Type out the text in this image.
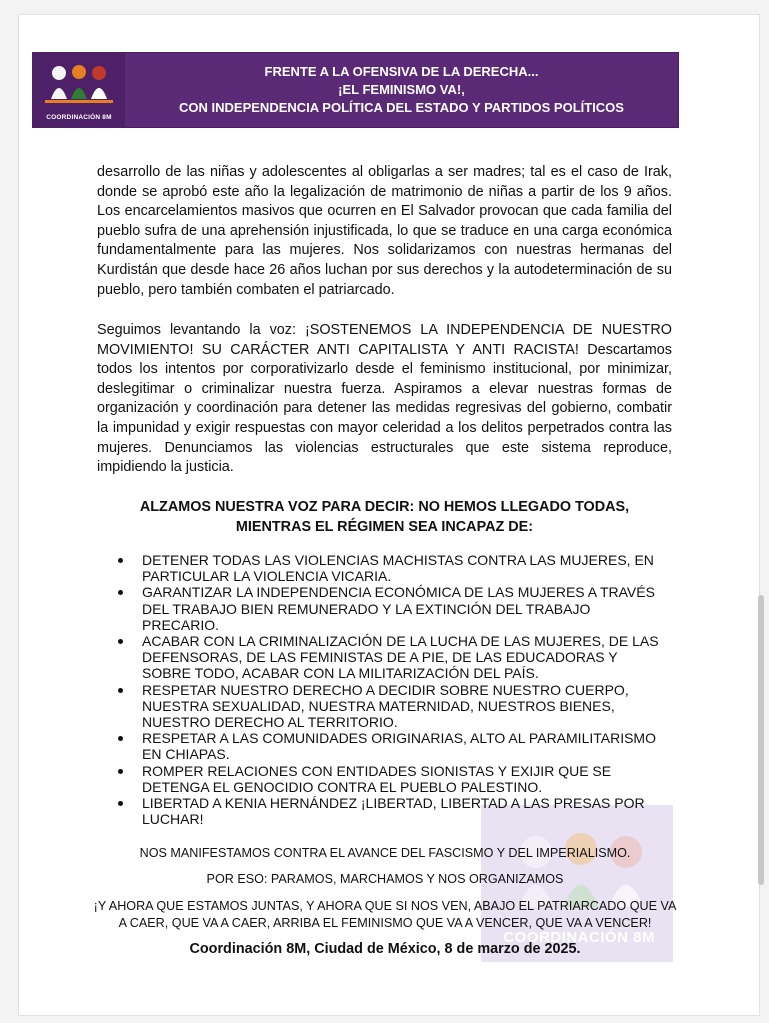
COORDINACIÓN 8M
FRENTE A LA OFENSIVA DE LA DERECHA...
¡EL FEMINISMO VA!,
CON INDEPENDENCIA POLÍTICA DEL ESTADO Y PARTIDOS POLÍTICOS
desarrollo de las niñas y adolescentes al obligarlas a ser madres; tal es el caso de Irak, donde se aprobó este año la legalización de matrimonio de niñas a partir de los 9 años. Los encarcelamientos masivos que ocurren en El Salvador provocan que cada familia del pueblo sufra de una aprehensión injustificada, lo que se traduce en una carga económica fundamentalmente para las mujeres. Nos solidarizamos con nuestras hermanas del Kurdistán que desde hace 26 años luchan por sus derechos y la autodeterminación de su pueblo, pero también combaten el patriarcado.
Seguimos levantando la voz: ¡SOSTENEMOS LA INDEPENDENCIA DE NUESTRO MOVIMIENTO! SU CARÁCTER ANTI CAPITALISTA Y ANTI RACISTA! Descartamos todos los intentos por corporativizarlo desde el feminismo institucional, por minimizar, deslegitimar o criminalizar nuestra fuerza. Aspiramos a elevar nuestras formas de organización y coordinación para detener las medidas regresivas del gobierno, combatir la impunidad y exigir respuestas con mayor celeridad a los delitos perpetrados contra las mujeres. Denunciamos las violencias estructurales que este sistema reproduce, impidiendo la justicia.
ALZAMOS NUESTRA VOZ PARA DECIR: NO HEMOS LLEGADO TODAS,
MIENTRAS EL RÉGIMEN SEA INCAPAZ DE:
COORDINACIÓN 8M
DETENER TODAS LAS VIOLENCIAS MACHISTAS CONTRA LAS MUJERES, EN PARTICULAR LA VIOLENCIA VICARIA.
GARANTIZAR LA INDEPENDENCIA ECONÓMICA DE LAS MUJERES A TRAVÉS DEL TRABAJO BIEN REMUNERADO Y LA EXTINCIÓN DEL TRABAJO PRECARIO.
ACABAR CON LA CRIMINALIZACIÓN DE LA LUCHA DE LAS MUJERES, DE LAS DEFENSORAS, DE LAS FEMINISTAS DE A PIE, DE LAS EDUCADORAS Y SOBRE TODO, ACABAR CON LA MILITARIZACIÓN DEL PAÍS.
RESPETAR NUESTRO DERECHO A DECIDIR SOBRE NUESTRO CUERPO, NUESTRA SEXUALIDAD, NUESTRA MATERNIDAD, NUESTROS BIENES, NUESTRO DERECHO AL TERRITORIO.
RESPETAR A LAS COMUNIDADES ORIGINARIAS, ALTO AL PARAMILITARISMO EN CHIAPAS.
ROMPER RELACIONES CON ENTIDADES SIONISTAS Y EXIJIR QUE SE DETENGA EL GENOCIDIO CONTRA EL PUEBLO PALESTINO.
LIBERTAD A KENIA HERNÁNDEZ ¡LIBERTAD, LIBERTAD A LAS PRESAS POR LUCHAR!
NOS MANIFESTAMOS CONTRA EL AVANCE DEL FASCISMO Y DEL IMPERIALISMO.
POR ESO: PARAMOS, MARCHAMOS Y NOS ORGANIZAMOS
¡Y AHORA QUE ESTAMOS JUNTAS, Y AHORA QUE SI NOS VEN, ABAJO EL PATRIARCADO QUE VA A CAER, QUE VA A CAER, ARRIBA EL FEMINISMO QUE VA A VENCER, QUE VA A VENCER!
Coordinación 8M, Ciudad de México, 8 de marzo de 2025.
